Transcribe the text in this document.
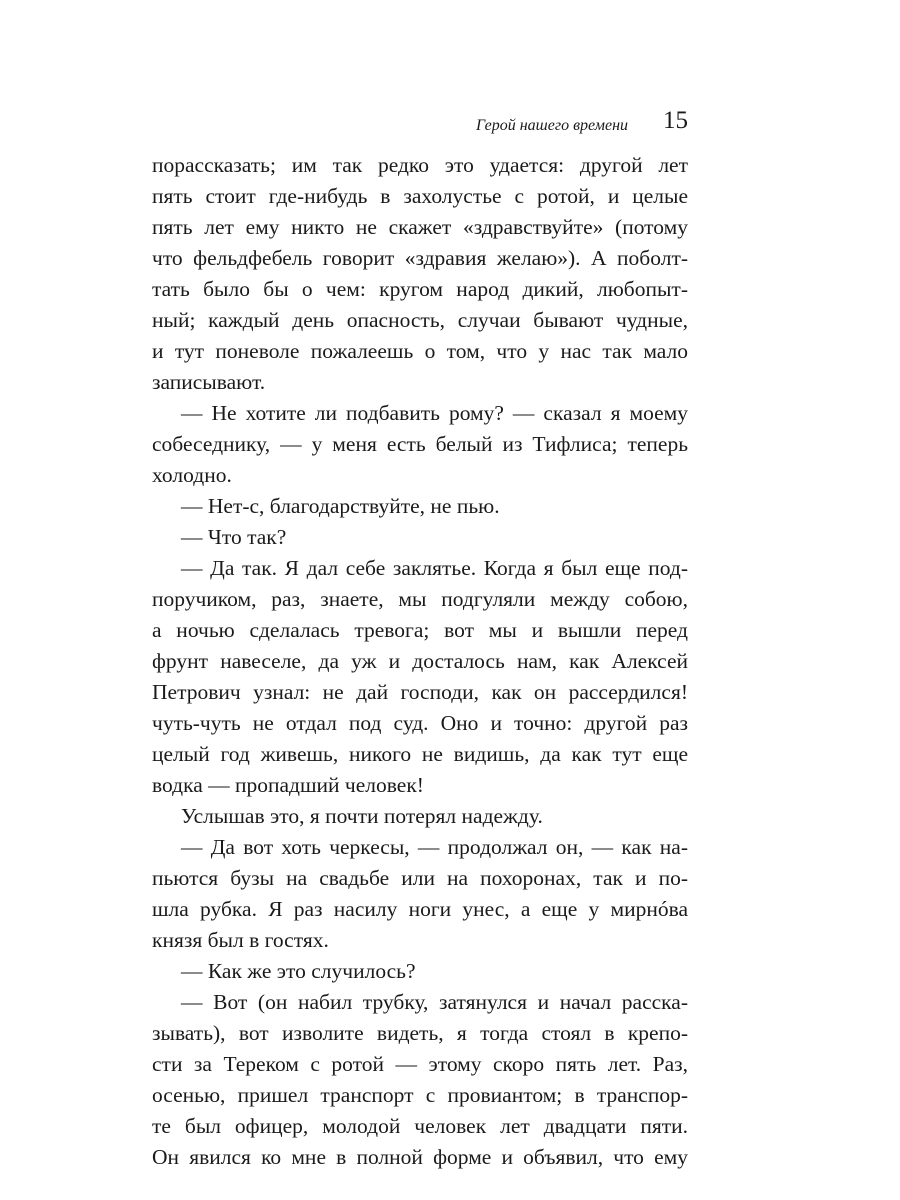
Герой нашего времени 15
порассказать; им так редко это удается: другой лет
пять стоит где-нибудь в захолустье с ротой, и целые
пять лет ему никто не скажет «здравствуйте» (потому
что фельдфебель говорит «здравия желаю»). А поболт-
тать было бы о чем: кругом народ дикий, любопыт-
ный; каждый день опасность, случаи бывают чудные,
и тут поневоле пожалеешь о том, что у нас так мало
записывают.
— Не хотите ли подбавить рому? — сказал я моему
собеседнику, — у меня есть белый из Тифлиса; теперь
холодно.
— Нет-с, благодарствуйте, не пью.
— Что так?
— Да так. Я дал себе заклятье. Когда я был еще под-
поручиком, раз, знаете, мы подгуляли между собою,
а ночью сделалась тревога; вот мы и вышли перед
фрунт навеселе, да уж и досталось нам, как Алексей
Петрович узнал: не дай господи, как он рассердился!
чуть-чуть не отдал под суд. Оно и точно: другой раз
целый год живешь, никого не видишь, да как тут еще
водка — пропадший человек!
Услышав это, я почти потерял надежду.
— Да вот хоть черкесы, — продолжал он, — как на-
пьются бузы на свадьбе или на похоронах, так и по-
шла рубка. Я раз насилу ноги унес, а еще у мирнóва
князя был в гостях.
— Как же это случилось?
— Вот (он набил трубку, затянулся и начал расска-
зывать), вот изволите видеть, я тогда стоял в крепо-
сти за Тереком с ротой — этому скоро пять лет. Раз,
осенью, пришел транспорт с провиантом; в транспор-
те был офицер, молодой человек лет двадцати пяти.
Он явился ко мне в полной форме и объявил, что ему
